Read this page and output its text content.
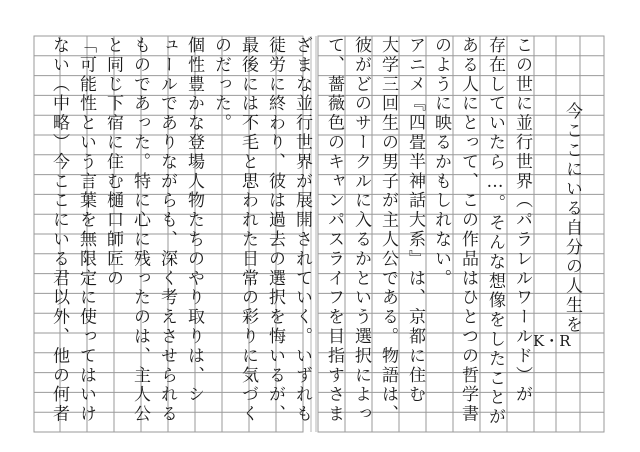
今ここにいる自分の人生を
K・R
この世に並行世界（パラレルワールド）が
存在していたら…。そんな想像をしたことが
ある人にとって、この作品はひとつの哲学書
のように映るかもしれない。
アニメ『四畳半神話大系』は、京都に住む
大学三回生の男子が主人公である。物語は、
彼がどのサークルに入るかという選択によっ
て、薔薇色のキャンパスライフを目指すさま
ざまな並行世界が展開されていく。いずれも
徒労に終わり、彼は過去の選択を悔いるが、
最後には不毛と思われた日常の彩りに気づく
のだった。
個性豊かな登場人物たちのやり取りは、シ
ュールでありながらも、深く考えさせられる
ものであった。特に心に残ったのは、主人公
と同じ下宿に住む樋口師匠の
「可能性という言葉を無限定に使ってはいけ
ない（中略）今ここにいる君以外、他の何者
